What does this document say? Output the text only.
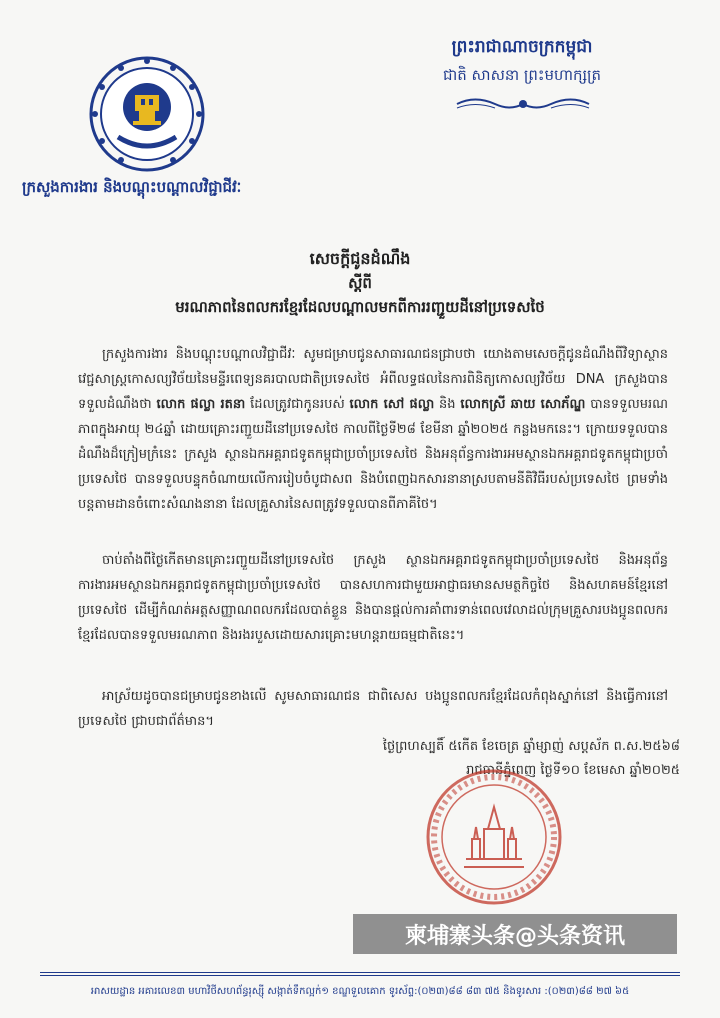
ក្រសួងការងារ និងបណ្តុះបណ្តាលវិជ្ជាជីវៈ
ព្រះរាជាណាចក្រកម្ពុជា
ជាតិ សាសនា ព្រះមហាក្សត្រ
សេចក្តីជូនដំណឹង
ស្តីពី
មរណភាពនៃពលករខ្មែរដែលបណ្តាលមកពីការរញ្ជួយដីនៅប្រទេសថៃ
ក្រសួងការងារ និងបណ្តុះបណ្តាលវិជ្ជាជីវៈ សូមជម្រាបជូនសាធារណជនជ្រាបថា យោងតាមសេចក្តីជូនដំណឹងពីវិទ្យាស្ថានវេជ្ជសាស្ត្រកោសល្យវិច័យនៃមន្ទីរពេទ្យនគរបាលជាតិប្រទេសថៃ អំពីលទ្ធផលនៃការពិនិត្យកោសល្យវិច័យ DNA ក្រសួងបានទទួលដំណឹងថា លោក ផល្លា រតនា ដែលត្រូវជាកូនរបស់ លោក សៅ ផល្លា និង លោកស្រី ឆាយ សោភ័ណ្ឌ បានទទួលមរណភាពក្នុងអាយុ ២៤ឆ្នាំ ដោយគ្រោះរញ្ជួយដីនៅប្រទេសថៃ កាលពីថ្ងៃទី២៨ ខែមីនា ឆ្នាំ២០២៥ កន្លងមកនេះ។ ក្រោយទទួលបានដំណឹងដ៏ក្រៀមក្រំនេះ ក្រសួង ស្ថានឯកអគ្គរាជទូតកម្ពុជាប្រចាំប្រទេសថៃ និងអនុព័ន្ធការងារអមស្ថានឯកអគ្គរាជទូតកម្ពុជាប្រចាំប្រទេសថៃ បានទទួលបន្ទុកចំណាយលើការរៀបចំបូជាសព និងបំពេញឯកសារនានាស្របតាមនីតិវិធីរបស់ប្រទេសថៃ ព្រមទាំងបន្តតាមដានចំពោះសំណងនានា ដែលគ្រួសារនៃសពត្រូវទទួលបានពីភាគីថៃ។
ចាប់តាំងពីថ្ងៃកើតមានគ្រោះរញ្ជួយដីនៅប្រទេសថៃ ក្រសួង ស្ថានឯកអគ្គរាជទូតកម្ពុជាប្រចាំប្រទេសថៃ និងអនុព័ន្ធការងារអមស្ថានឯកអគ្គរាជទូតកម្ពុជាប្រចាំប្រទេសថៃ បានសហការជាមួយអាជ្ញាធរមានសមត្ថកិច្ចថៃ និងសហគមន៍ខ្មែរនៅប្រទេសថៃ ដើម្បីកំណត់អត្តសញ្ញាណពលករដែលបាត់ខ្លួន និងបានផ្តល់ការគាំពារទាន់ពេលវេលាដល់ក្រុមគ្រួសារបងប្អូនពលករខ្មែរដែលបានទទួលមរណភាព និងរងរបួសដោយសារគ្រោះមហន្តរាយធម្មជាតិនេះ។
អាស្រ័យដូចបានជម្រាបជូនខាងលើ សូមសាធារណជន ជាពិសេស បងប្អូនពលករខ្មែរដែលកំពុងស្នាក់នៅ និងធ្វើការនៅប្រទេសថៃ ជ្រាបជាព័ត៌មាន។
ថ្ងៃព្រហស្បតិ៍ ៥កើត ខែចេត្រ ឆ្នាំម្សាញ់ សប្តស័ក ព.ស.២៥៦៨
រាជធានីភ្នំពេញ ថ្ងៃទី១០ ខែមេសា ឆ្នាំ២០២៥
柬埔寨头条@头条资讯
អាសយដ្ឋាន អគារលេខ៣ មហាវិថីសហព័ន្ធរុស្ស៊ី សង្កាត់ទឹកល្អក់១ ខណ្ឌទួលគោក ទូរស័ព្ទ:(០២៣)៨៨ ៨៣ ៧៥ និងទូរសារ :(០២៣)៨៨ ២៧ ៦៥
